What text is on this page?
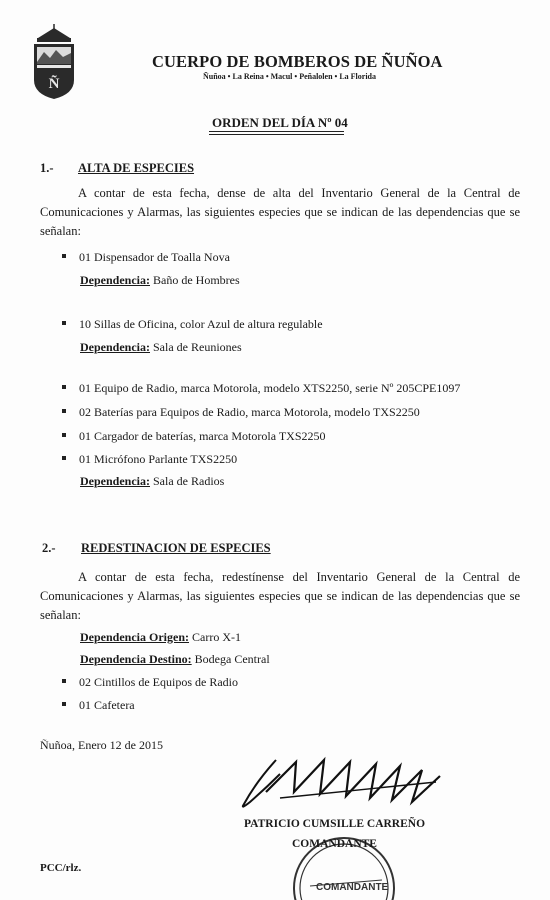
Ñ
CUERPO DE BOMBEROS DE ÑUÑOA
Ñuñoa • La Reina • Macul • Peñalolen • La Florida
ORDEN DEL DÍA Nº 04
1.- ALTA DE ESPECIES
A contar de esta fecha, dense de alta del Inventario General de la Central de Comunicaciones y Alarmas, las siguientes especies que se indican de las dependencias que se señalan:
01 Dispensador de Toalla Nova
Dependencia: Baño de Hombres
10 Sillas de Oficina, color Azul de altura regulable
Dependencia: Sala de Reuniones
01 Equipo de Radio, marca Motorola, modelo XTS2250, serie Nº 205CPE1097
02 Baterías para Equipos de Radio, marca Motorola, modelo TXS2250
01 Cargador de baterías, marca Motorola TXS2250
01 Micrófono Parlante TXS2250
Dependencia: Sala de Radios
2.- REDESTINACION DE ESPECIES
A contar de esta fecha, redestínense del Inventario General de la Central de Comunicaciones y Alarmas, las siguientes especies que se indican de las dependencias que se señalan:
Dependencia Origen: Carro X-1
Dependencia Destino: Bodega Central
02 Cintillos de Equipos de Radio
01 Cafetera
Ñuñoa, Enero 12 de 2015
COMANDANTE
PATRICIO CUMSILLE CARREÑO
COMANDANTE
PCC/rlz.
